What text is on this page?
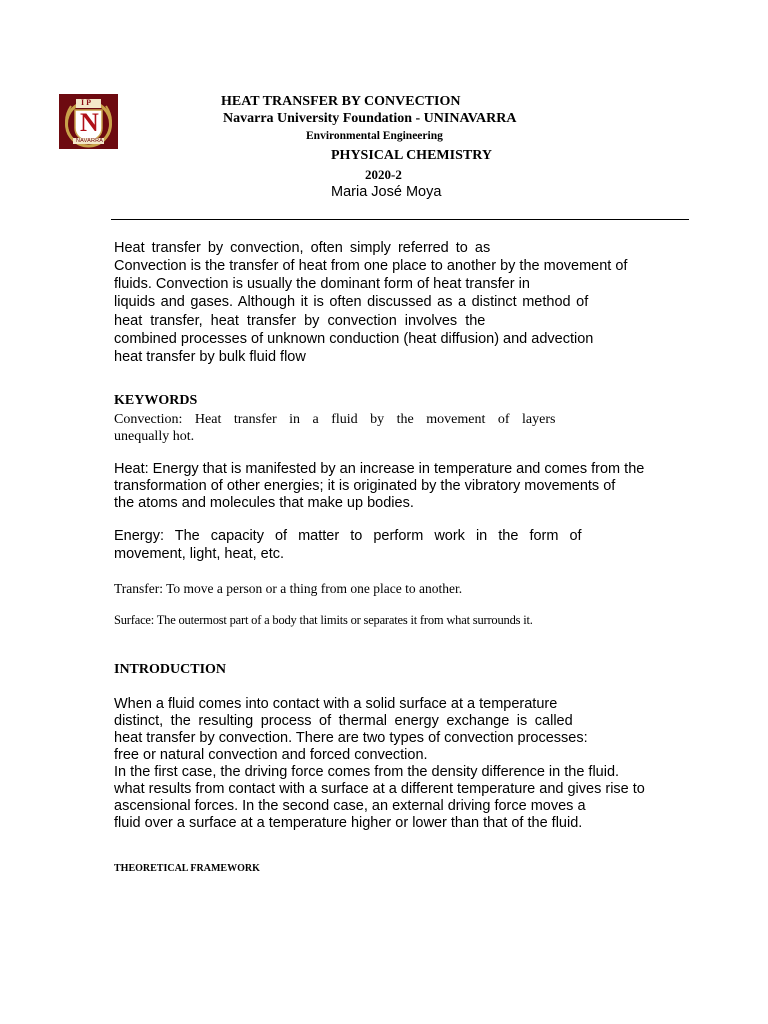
I P
N
NAVARRA
HEAT TRANSFER BY CONVECTION
Navarra University Foundation - UNINAVARRA
Environmental Engineering
PHYSICAL CHEMISTRY
2020-2
Maria José Moya
Heat transfer by convection, often simply referred to as
Convection is the transfer of heat from one place to another by the movement of
fluids. Convection is usually the dominant form of heat transfer in
liquids and gases. Although it is often discussed as a distinct method of
heat transfer, heat transfer by convection involves the
combined processes of unknown conduction (heat diffusion) and advection
heat transfer by bulk fluid flow
KEYWORDS
Convection: Heat transfer in a fluid by the movement of layers
unequally hot.
Heat: Energy that is manifested by an increase in temperature and comes from the
transformation of other energies; it is originated by the vibratory movements of
the atoms and molecules that make up bodies.
Energy: The capacity of matter to perform work in the form of
movement, light, heat, etc.
Transfer: To move a person or a thing from one place to another.
Surface: The outermost part of a body that limits or separates it from what surrounds it.
INTRODUCTION
When a fluid comes into contact with a solid surface at a temperature
distinct, the resulting process of thermal energy exchange is called
heat transfer by convection. There are two types of convection processes:
free or natural convection and forced convection.
In the first case, the driving force comes from the density difference in the fluid.
what results from contact with a surface at a different temperature and gives rise to
ascensional forces. In the second case, an external driving force moves a
fluid over a surface at a temperature higher or lower than that of the fluid.
THEORETICAL FRAMEWORK
